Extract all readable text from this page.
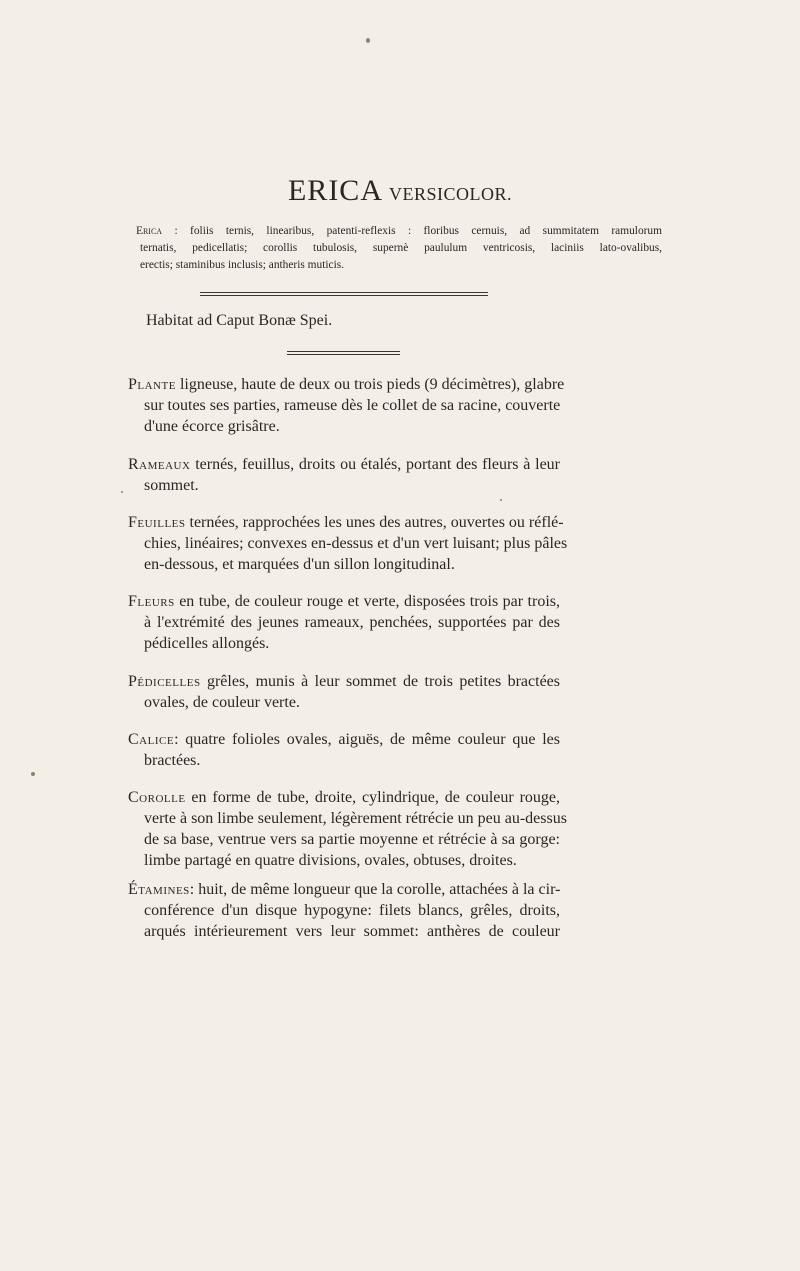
ERICA VERSICOLOR.
Erica : foliis ternis, linearibus, patenti-reflexis : floribus cernuis, ad summitatem ramulorum
ternatis, pedicellatis; corollis tubulosis, supernè paululum ventricosis, laciniis lato-ovalibus,
erectis; staminibus inclusis; antheris muticis.
Habitat ad Caput Bonæ Spei.
Plante ligneuse, haute de deux ou trois pieds (9 décimètres), glabre
sur toutes ses parties, rameuse dès le collet de sa racine, couverte
d'une écorce grisâtre.
Rameaux ternés, feuillus, droits ou étalés, portant des fleurs à leur
sommet.
Feuilles ternées, rapprochées les unes des autres, ouvertes ou réflé-
chies, linéaires; convexes en-dessus et d'un vert luisant; plus pâles
en-dessous, et marquées d'un sillon longitudinal.
Fleurs en tube, de couleur rouge et verte, disposées trois par trois,
à l'extrémité des jeunes rameaux, penchées, supportées par des
pédicelles allongés.
Pédicelles grêles, munis à leur sommet de trois petites bractées
ovales, de couleur verte.
Calice: quatre folioles ovales, aiguës, de même couleur que les
bractées.
Corolle en forme de tube, droite, cylindrique, de couleur rouge,
verte à son limbe seulement, légèrement rétrécie un peu au-dessus
de sa base, ventrue vers sa partie moyenne et rétrécie à sa gorge:
limbe partagé en quatre divisions, ovales, obtuses, droites.
Étamines: huit, de même longueur que la corolle, attachées à la cir-
conférence d'un disque hypogyne: filets blancs, grêles, droits,
arqués intérieurement vers leur sommet: anthères de couleur
